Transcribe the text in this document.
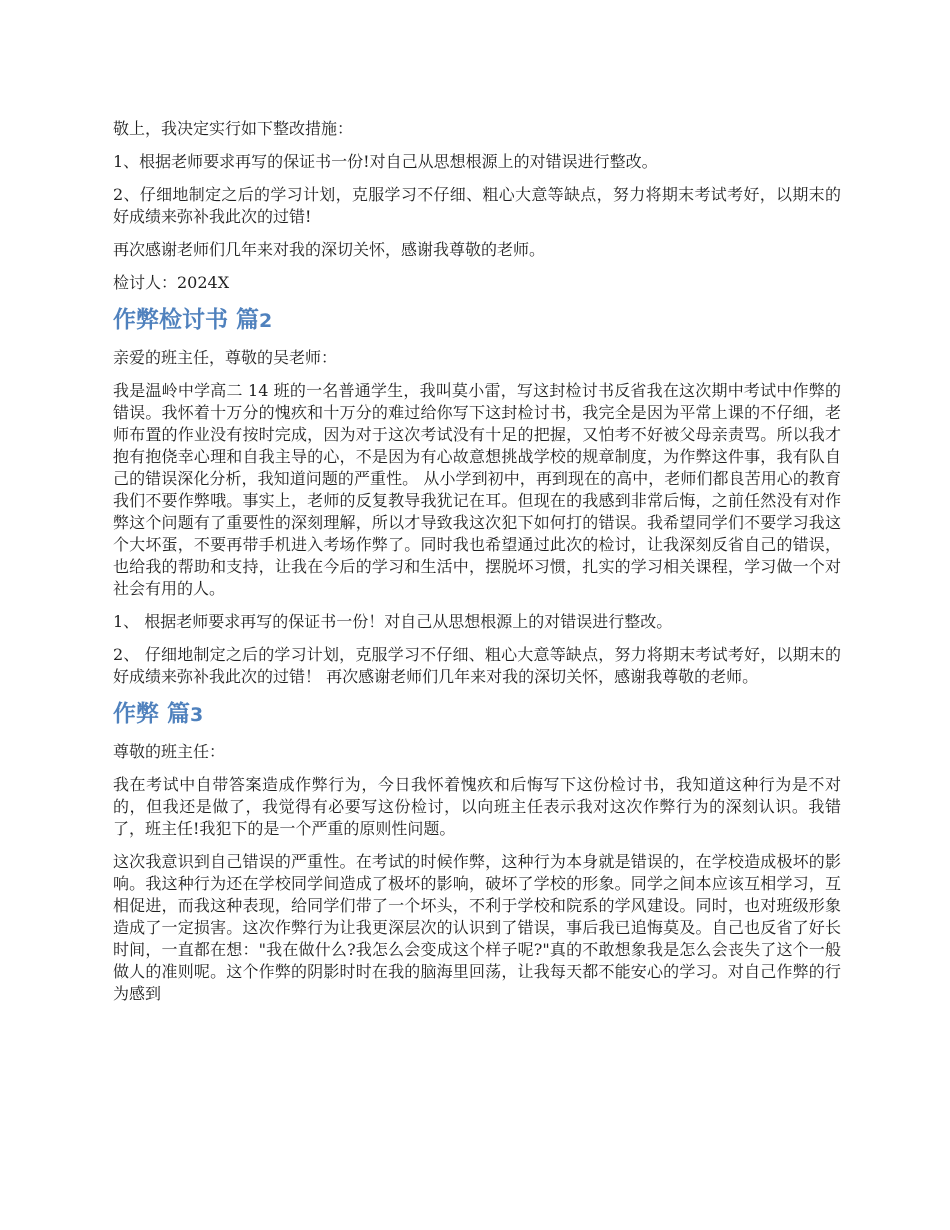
敬上，我决定实行如下整改措施：

1、根据老师要求再写的保证书一份!对自己从思想根源上的对错误进行整改。

2、仔细地制定之后的学习计划，克服学习不仔细、粗心大意等缺点，努力将期末考试考好，以期末的好成绩来弥补我此次的过错!

再次感谢老师们几年来对我的深切关怀，感谢我尊敬的老师。

检讨人：2024X

作弊检讨书 篇2

亲爱的班主任，尊敬的吴老师：

我是温岭中学高二 14 班的一名普通学生，我叫莫小雷，写这封检讨书反省我在这次期中考试中作弊的错误。我怀着十万分的愧疚和十万分的难过给你写下这封检讨书，我完全是因为平常上课的不仔细，老师布置的作业没有按时完成，因为对于这次考试没有十足的把握，又怕考不好被父母亲责骂。所以我才抱有抱侥幸心理和自我主导的心，不是因为有心故意想挑战学校的规章制度，为作弊这件事，我有队自己的错误深化分析，我知道问题的严重性。 从小学到初中，再到现在的高中，老师们都良苦用心的教育我们不要作弊哦。事实上，老师的反复教导我犹记在耳。但现在的我感到非常后悔，之前任然没有对作弊这个问题有了重要性的深刻理解，所以才导致我这次犯下如何打的错误。我希望同学们不要学习我这个大坏蛋，不要再带手机进入考场作弊了。同时我也希望通过此次的检讨，让我深刻反省自己的错误，也给我的帮助和支持，让我在今后的学习和生活中，摆脱坏习惯，扎实的学习相关课程，学习做一个对社会有用的人。

1、 根据老师要求再写的保证书一份！对自己从思想根源上的对错误进行整改。

2、 仔细地制定之后的学习计划，克服学习不仔细、粗心大意等缺点，努力将期末考试考好，以期末的好成绩来弥补我此次的过错！ 再次感谢老师们几年来对我的深切关怀，感谢我尊敬的老师。

作弊 篇3

尊敬的班主任：

我在考试中自带答案造成作弊行为，今日我怀着愧疚和后悔写下这份检讨书，我知道这种行为是不对的，但我还是做了，我觉得有必要写这份检讨，以向班主任表示我对这次作弊行为的深刻认识。我错了，班主任!我犯下的是一个严重的原则性问题。

这次我意识到自己错误的严重性。在考试的时候作弊，这种行为本身就是错误的，在学校造成极坏的影响。我这种行为还在学校同学间造成了极坏的影响，破坏了学校的形象。同学之间本应该互相学习，互相促进，而我这种表现，给同学们带了一个坏头，不利于学校和院系的学风建设。同时，也对班级形象造成了一定损害。这次作弊行为让我更深层次的认识到了错误，事后我已追悔莫及。自己也反省了好长时间，一直都在想："我在做什么?我怎么会变成这个样子呢?"真的不敢想象我是怎么会丧失了这个一般做人的准则呢。这个作弊的阴影时时在我的脑海里回荡，让我每天都不能安心的学习。对自己作弊的行为感到
